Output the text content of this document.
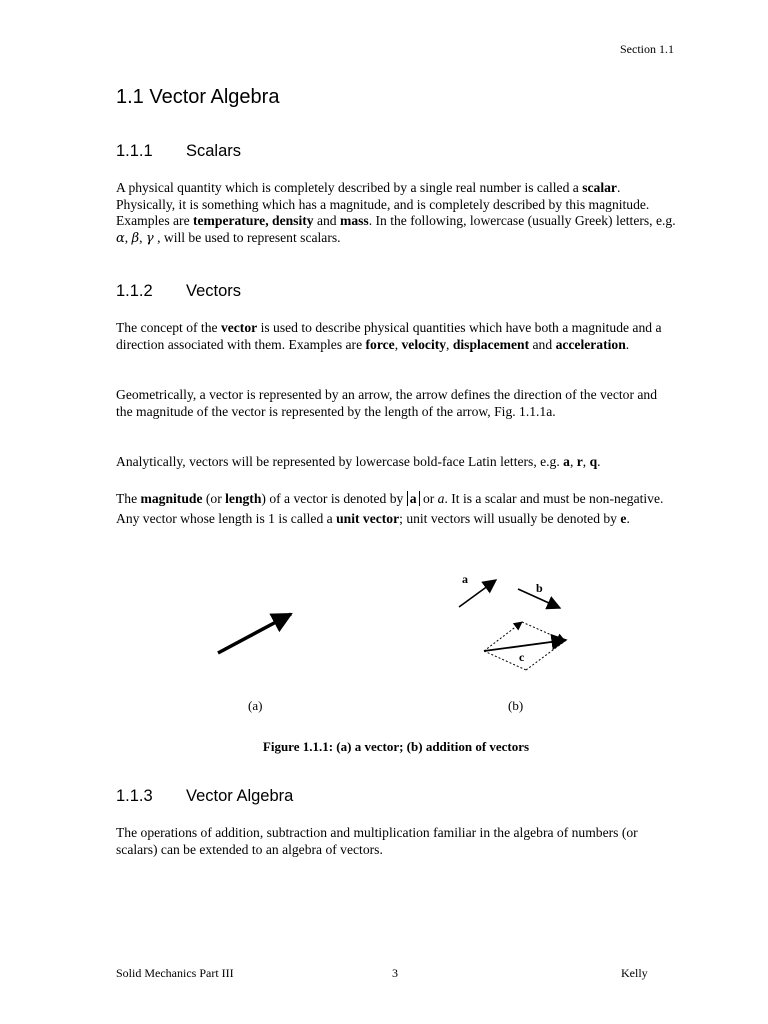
Section 1.1
1.1 Vector Algebra
1.1.1 Scalars

A physical quantity which is completely described by a single real number is called a scalar. Physically, it is something which has a magnitude, and is completely described by this magnitude. Examples are temperature, density and mass. In the following, lowercase (usually Greek) letters, e.g. α, β, γ , will be used to represent scalars.

1.1.2 Vectors

The concept of the vector is used to describe physical quantities which have both a magnitude and a direction associated with them. Examples are force, velocity, displacement and acceleration.

Geometrically, a vector is represented by an arrow, the arrow defines the direction of the vector and the magnitude of the vector is represented by the length of the arrow, Fig. 1.1.1a.

Analytically, vectors will be represented by lowercase bold-face Latin letters, e.g. a, r, q.

The magnitude (or length) of a vector is denoted by a or a. It is a scalar and must be non-negative. Any vector whose length is 1 is called a unit vector; unit vectors will usually be denoted by e.

a
b
c
(a)	(b)
Figure 1.1.1: (a) a vector; (b) addition of vectors
1.1.3 Vector Algebra

The operations of addition, subtraction and multiplication familiar in the algebra of numbers (or scalars) can be extended to an algebra of vectors.

Solid Mechanics Part III	3	Kelly
